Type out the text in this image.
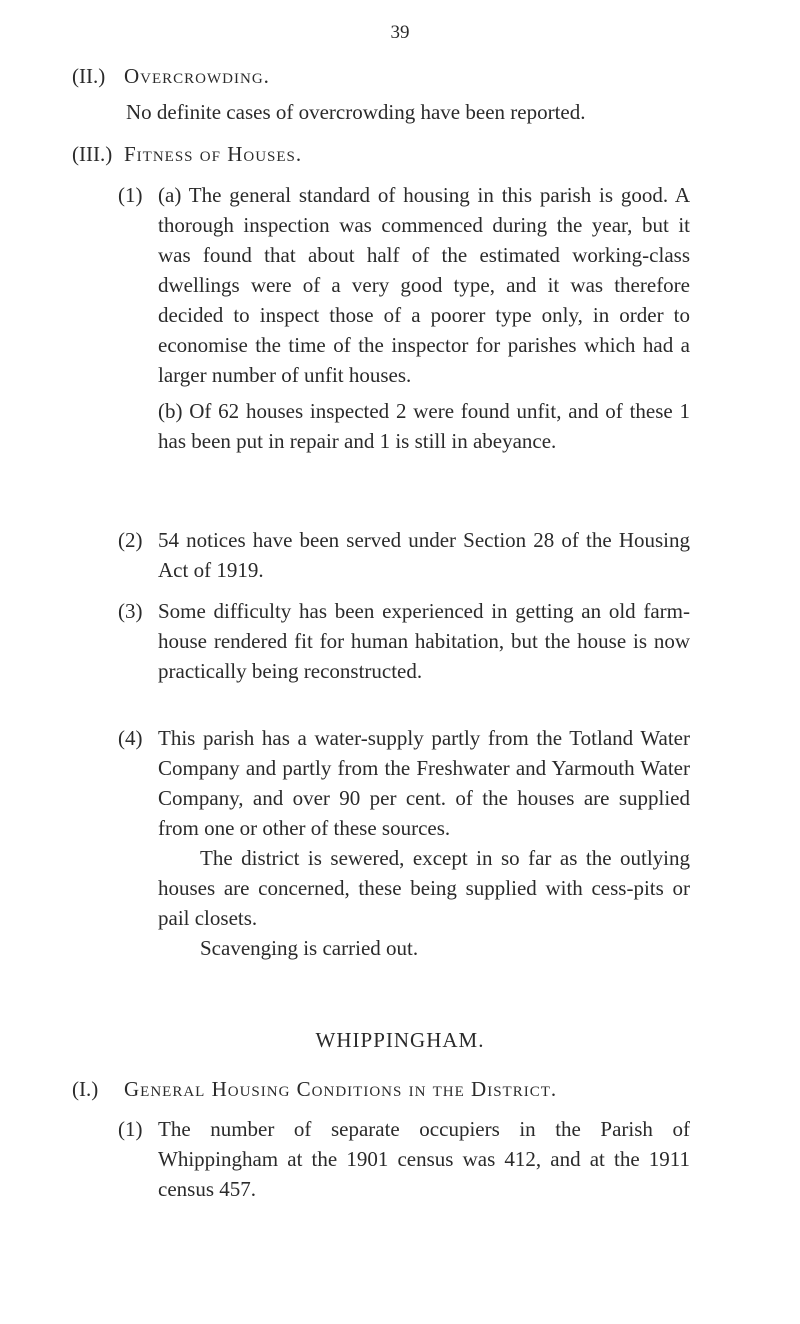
39
(II.) Overcrowding.
No definite cases of overcrowding have been reported.
(III.) Fitness of Houses.
(1) (a) The general standard of housing in this parish is good. A thorough inspection was commenced during the year, but it was found that about half of the estimated working-class dwellings were of a very good type, and it was therefore decided to inspect those of a poorer type only, in order to economise the time of the inspector for parishes which had a larger number of unfit houses.
(b) Of 62 houses inspected 2 were found unfit, and of these 1 has been put in repair and 1 is still in abeyance.
(2) 54 notices have been served under Section 28 of the Housing Act of 1919.
(3) Some difficulty has been experienced in getting an old farm-house rendered fit for human habitation, but the house is now practically being reconstructed.
(4) This parish has a water-supply partly from the Totland Water Company and partly from the Freshwater and Yarmouth Water Company, and over 90 per cent. of the houses are supplied from one or other of these sources.
The district is sewered, except in so far as the outlying houses are concerned, these being supplied with cess-pits or pail closets.
Scavenging is carried out.
WHIPPINGHAM.
(I.) General Housing Conditions in the District.
(1) The number of separate occupiers in the Parish of Whippingham at the 1901 census was 412, and at the 1911 census 457.
